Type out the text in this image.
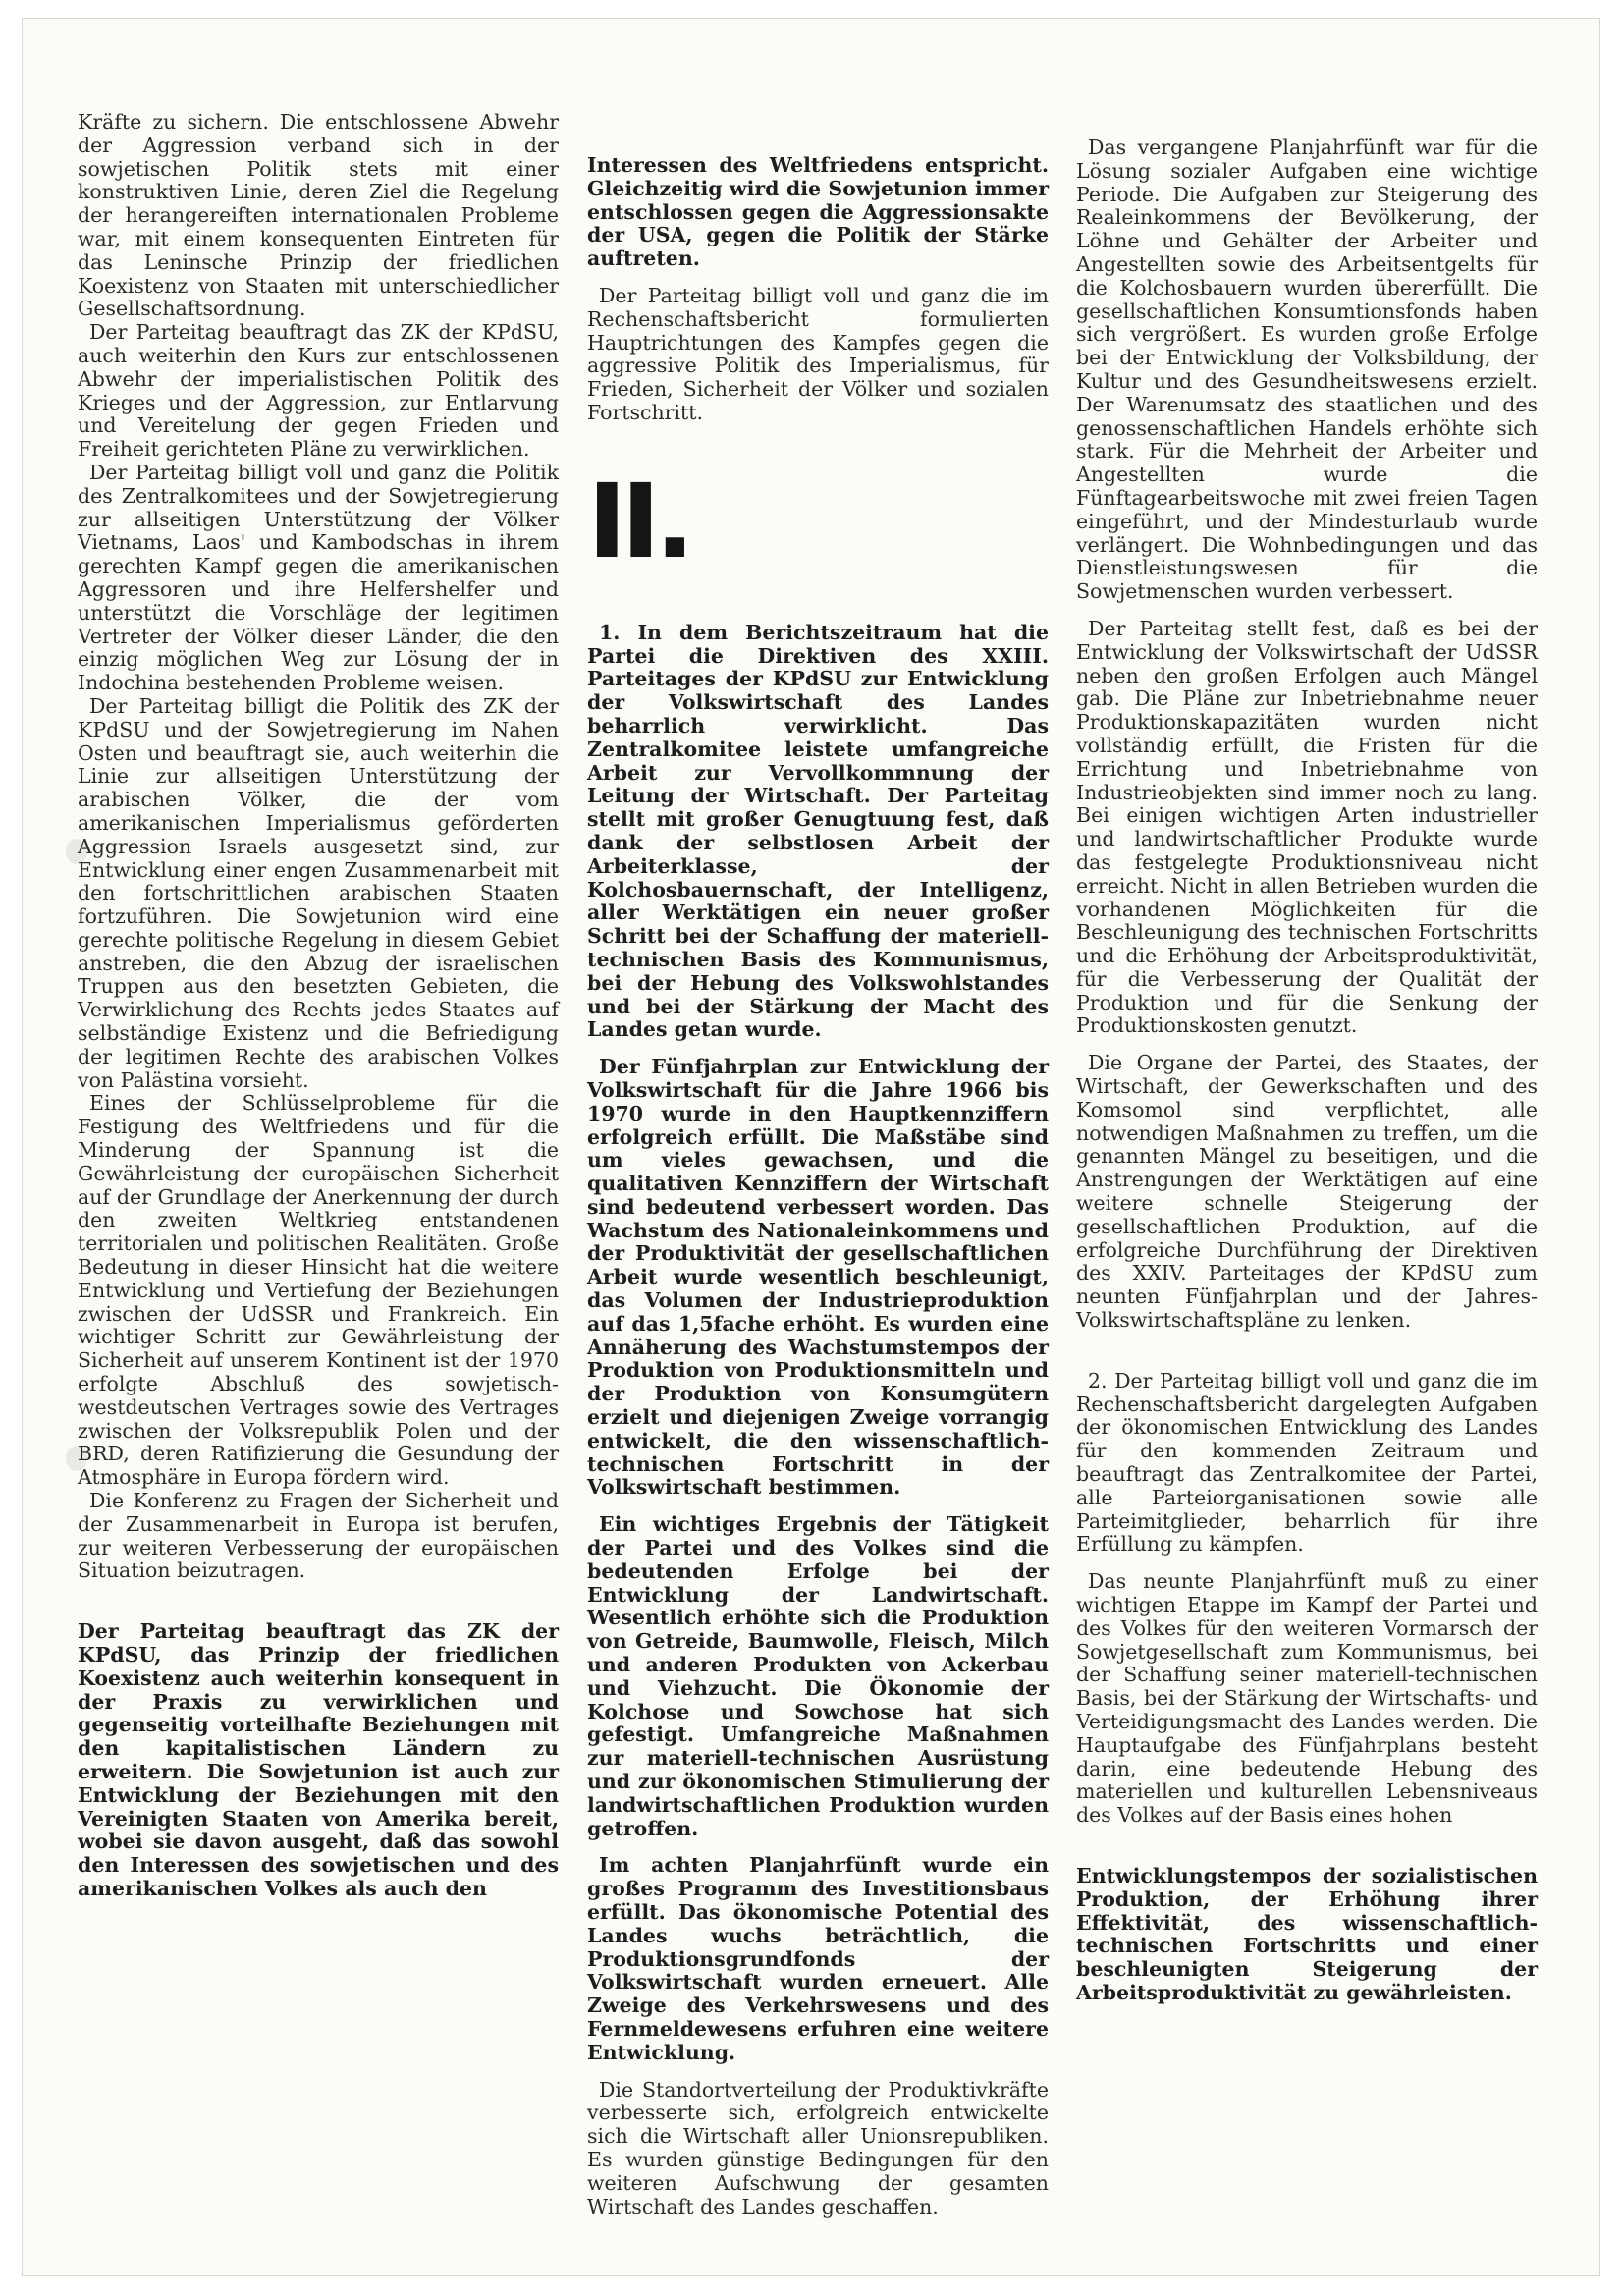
Kräfte zu sichern. Die entschlossene Abwehr der Aggression verband sich in der sowjetischen Politik stets mit einer konstruktiven Linie, deren Ziel die Regelung der herangereiften internationalen Probleme war, mit einem konsequenten Eintreten für das Leninsche Prinzip der friedlichen Koexistenz von Staaten mit unterschiedlicher Gesellschaftsordnung.

Der Parteitag beauftragt das ZK der KPdSU, auch weiterhin den Kurs zur entschlossenen Abwehr der imperialistischen Politik des Krieges und der Aggression, zur Entlarvung und Vereitelung der gegen Frieden und Freiheit gerichteten Pläne zu verwirklichen.

Der Parteitag billigt voll und ganz die Politik des Zentralkomitees und der Sowjetregierung zur allseitigen Unterstützung der Völker Vietnams, Laos' und Kambodschas in ihrem gerechten Kampf gegen die amerikanischen Aggressoren und ihre Helfershelfer und unterstützt die Vorschläge der legitimen Vertreter der Völker dieser Länder, die den einzig möglichen Weg zur Lösung der in Indochina bestehenden Probleme weisen.

Der Parteitag billigt die Politik des ZK der KPdSU und der Sowjetregierung im Nahen Osten und beauftragt sie, auch weiterhin die Linie zur allseitigen Unterstützung der arabischen Völker, die der vom amerikanischen Imperialismus geförderten Aggression Israels ausgesetzt sind, zur Entwicklung einer engen Zusammenarbeit mit den fortschrittlichen arabischen Staaten fortzuführen. Die Sowjetunion wird eine gerechte politische Regelung in diesem Gebiet anstreben, die den Abzug der israelischen Truppen aus den besetzten Gebieten, die Verwirklichung des Rechts jedes Staates auf selbständige Existenz und die Befriedigung der legitimen Rechte des arabischen Volkes von Palästina vorsieht.

Eines der Schlüsselprobleme für die Festigung des Weltfriedens und für die Minderung der Spannung ist die Gewährleistung der europäischen Sicherheit auf der Grundlage der Anerkennung der durch den zweiten Weltkrieg entstandenen territorialen und politischen Realitäten. Große Bedeutung in dieser Hinsicht hat die weitere Entwicklung und Vertiefung der Beziehungen zwischen der UdSSR und Frankreich. Ein wichtiger Schritt zur Gewährleistung der Sicherheit auf unserem Kontinent ist der 1970 erfolgte Abschluß des sowjetisch-westdeutschen Vertrages sowie des Vertrages zwischen der Volksrepublik Polen und der BRD, deren Ratifizierung die Gesundung der Atmosphäre in Europa fördern wird.

Die Konferenz zu Fragen der Sicherheit und der Zusammenarbeit in Europa ist berufen, zur weiteren Verbesserung der europäischen Situation beizutragen.

Der Parteitag beauftragt das ZK der KPdSU, das Prinzip der friedlichen Koexistenz auch weiterhin konsequent in der Praxis zu verwirklichen und gegenseitig vorteilhafte Beziehungen mit den kapitalistischen Ländern zu erweitern. Die Sowjetunion ist auch zur Entwicklung der Beziehungen mit den Vereinigten Staaten von Amerika bereit, wobei sie davon ausgeht, daß das sowohl den Interessen des sowjetischen und des amerikanischen Volkes als auch den

Interessen des Weltfriedens entspricht. Gleichzeitig wird die Sowjetunion immer entschlossen gegen die Aggressionsakte der USA, gegen die Politik der Stärke auftreten.

Der Parteitag billigt voll und ganz die im Rechenschaftsbericht formulierten Hauptrichtungen des Kampfes gegen die aggressive Politik des Imperialismus, für Frieden, Sicherheit der Völker und sozialen Fortschritt.

II.

1. In dem Berichtszeitraum hat die Partei die Direktiven des XXIII. Parteitages der KPdSU zur Entwicklung der Volkswirtschaft des Landes beharrlich verwirklicht. Das Zentralkomitee leistete umfangreiche Arbeit zur Vervollkommnung der Leitung der Wirtschaft. Der Parteitag stellt mit großer Genugtuung fest, daß dank der selbstlosen Arbeit der Arbeiterklasse, der Kolchosbauernschaft, der Intelligenz, aller Werktätigen ein neuer großer Schritt bei der Schaffung der materiell-technischen Basis des Kommunismus, bei der Hebung des Volkswohlstandes und bei der Stärkung der Macht des Landes getan wurde.

Der Fünfjahrplan zur Entwicklung der Volkswirtschaft für die Jahre 1966 bis 1970 wurde in den Hauptkennziffern erfolgreich erfüllt. Die Maßstäbe sind um vieles gewachsen, und die qualitativen Kennziffern der Wirtschaft sind bedeutend verbessert worden. Das Wachstum des Nationaleinkommens und der Produktivität der gesellschaftlichen Arbeit wurde wesentlich beschleunigt, das Volumen der Industrieproduktion auf das 1,5fache erhöht. Es wurden eine Annäherung des Wachstumstempos der Produktion von Produktionsmitteln und der Produktion von Konsumgütern erzielt und diejenigen Zweige vorrangig entwickelt, die den wissenschaftlich-technischen Fortschritt in der Volkswirtschaft bestimmen.

Ein wichtiges Ergebnis der Tätigkeit der Partei und des Volkes sind die bedeutenden Erfolge bei der Entwicklung der Landwirtschaft. Wesentlich erhöhte sich die Produktion von Getreide, Baumwolle, Fleisch, Milch und anderen Produkten von Ackerbau und Viehzucht. Die Ökonomie der Kolchose und Sowchose hat sich gefestigt. Umfangreiche Maßnahmen zur materiell-technischen Ausrüstung und zur ökonomischen Stimulierung der landwirtschaftlichen Produktion wurden getroffen.

Im achten Planjahrfünft wurde ein großes Programm des Investitionsbaus erfüllt. Das ökonomische Potential des Landes wuchs beträchtlich, die Produktionsgrundfonds der Volkswirtschaft wurden erneuert. Alle Zweige des Verkehrswesens und des Fernmeldewesens erfuhren eine weitere Entwicklung.

Die Standortverteilung der Produktivkräfte verbesserte sich, erfolgreich entwickelte sich die Wirtschaft aller Unionsrepubliken. Es wurden günstige Bedingungen für den weiteren Aufschwung der gesamten Wirtschaft des Landes geschaffen.

Das vergangene Planjahrfünft war für die Lösung sozialer Aufgaben eine wichtige Periode. Die Aufgaben zur Steigerung des Realeinkommens der Bevölkerung, der Löhne und Gehälter der Arbeiter und Angestellten sowie des Arbeitsentgelts für die Kolchosbauern wurden übererfüllt. Die gesellschaftlichen Konsumtionsfonds haben sich vergrößert. Es wurden große Erfolge bei der Entwicklung der Volksbildung, der Kultur und des Gesundheitswesens erzielt. Der Warenumsatz des staatlichen und des genossenschaftlichen Handels erhöhte sich stark. Für die Mehrheit der Arbeiter und Angestellten wurde die Fünftagearbeitswoche mit zwei freien Tagen eingeführt, und der Mindesturlaub wurde verlängert. Die Wohnbedingungen und das Dienstleistungswesen für die Sowjetmenschen wurden verbessert.

Der Parteitag stellt fest, daß es bei der Entwicklung der Volkswirtschaft der UdSSR neben den großen Erfolgen auch Mängel gab. Die Pläne zur Inbetriebnahme neuer Produktionskapazitäten wurden nicht vollständig erfüllt, die Fristen für die Errichtung und Inbetriebnahme von Industrieobjekten sind immer noch zu lang. Bei einigen wichtigen Arten industrieller und landwirtschaftlicher Produkte wurde das festgelegte Produktionsniveau nicht erreicht. Nicht in allen Betrieben wurden die vorhandenen Möglichkeiten für die Beschleunigung des technischen Fortschritts und die Erhöhung der Arbeitsproduktivität, für die Verbesserung der Qualität der Produktion und für die Senkung der Produktionskosten genutzt.

Die Organe der Partei, des Staates, der Wirtschaft, der Gewerkschaften und des Komsomol sind verpflichtet, alle notwendigen Maßnahmen zu treffen, um die genannten Mängel zu beseitigen, und die Anstrengungen der Werktätigen auf eine weitere schnelle Steigerung der gesellschaftlichen Produktion, auf die erfolgreiche Durchführung der Direktiven des XXIV. Parteitages der KPdSU zum neunten Fünfjahrplan und der Jahres-Volkswirtschaftspläne zu lenken.

2. Der Parteitag billigt voll und ganz die im Rechenschaftsbericht dargelegten Aufgaben der ökonomischen Entwicklung des Landes für den kommenden Zeitraum und beauftragt das Zentralkomitee der Partei, alle Parteiorganisationen sowie alle Parteimitglieder, beharrlich für ihre Erfüllung zu kämpfen.

Das neunte Planjahrfünft muß zu einer wichtigen Etappe im Kampf der Partei und des Volkes für den weiteren Vormarsch der Sowjetgesellschaft zum Kommunismus, bei der Schaffung seiner materiell-technischen Basis, bei der Stärkung der Wirtschafts- und Verteidigungsmacht des Landes werden. Die Hauptaufgabe des Fünfjahrplans besteht darin, eine bedeutende Hebung des materiellen und kulturellen Lebensniveaus des Volkes auf der Basis eines hohen

Entwicklungstempos der sozialistischen Produktion, der Erhöhung ihrer Effektivität, des wissenschaftlich-technischen Fortschritts und einer beschleunigten Steigerung der Arbeitsproduktivität zu gewährleisten.
